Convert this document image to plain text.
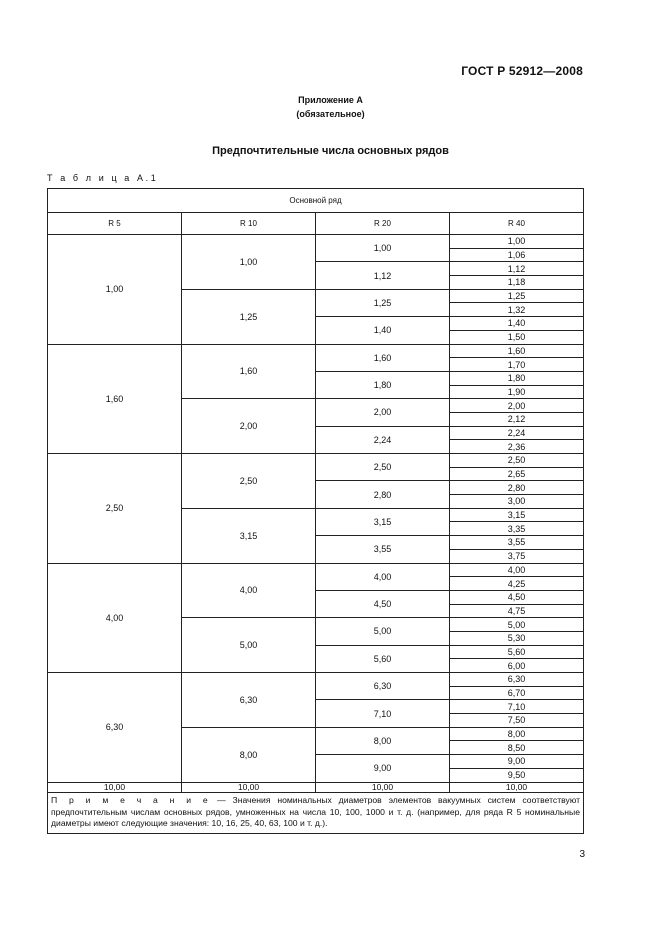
ГОСТ Р 52912—2008
Приложение А
(обязательное)
Предпочтительные числа основных рядов
Т а б л и ц а А.1
Основной ряд			
R 5	R 10	R 20	R 40
1,00	1,00	1,00	1,00
			1,06
		1,12	1,12
			1,18
	1,25	1,25	1,25
			1,32
		1,40	1,40
			1,50
1,60	1,60	1,60	1,60
			1,70
		1,80	1,80
			1,90
	2,00	2,00	2,00
			2,12
		2,24	2,24
			2,36
2,50	2,50	2,50	2,50
			2,65
		2,80	2,80
			3,00
	3,15	3,15	3,15
			3,35
		3,55	3,55
			3,75
4,00	4,00	4,00	4,00
			4,25
		4,50	4,50
			4,75
	5,00	5,00	5,00
			5,30
		5,60	5,60
			6,00
6,30	6,30	6,30	6,30
			6,70
		7,10	7,10
			7,50
	8,00	8,00	8,00
			8,50
		9,00	9,00
			9,50
10,00	10,00	10,00	10,00
П р и м е ч а н и е — Значения номинальных диаметров элементов вакуумных систем соответствуют предпочтительным числам основных рядов, умноженных на числа 10, 100, 1000 и т. д. (например, для ряда R 5 номинальные диаметры имеют следующие значения: 10, 16, 25, 40, 63, 100 и т. д.).			
3
